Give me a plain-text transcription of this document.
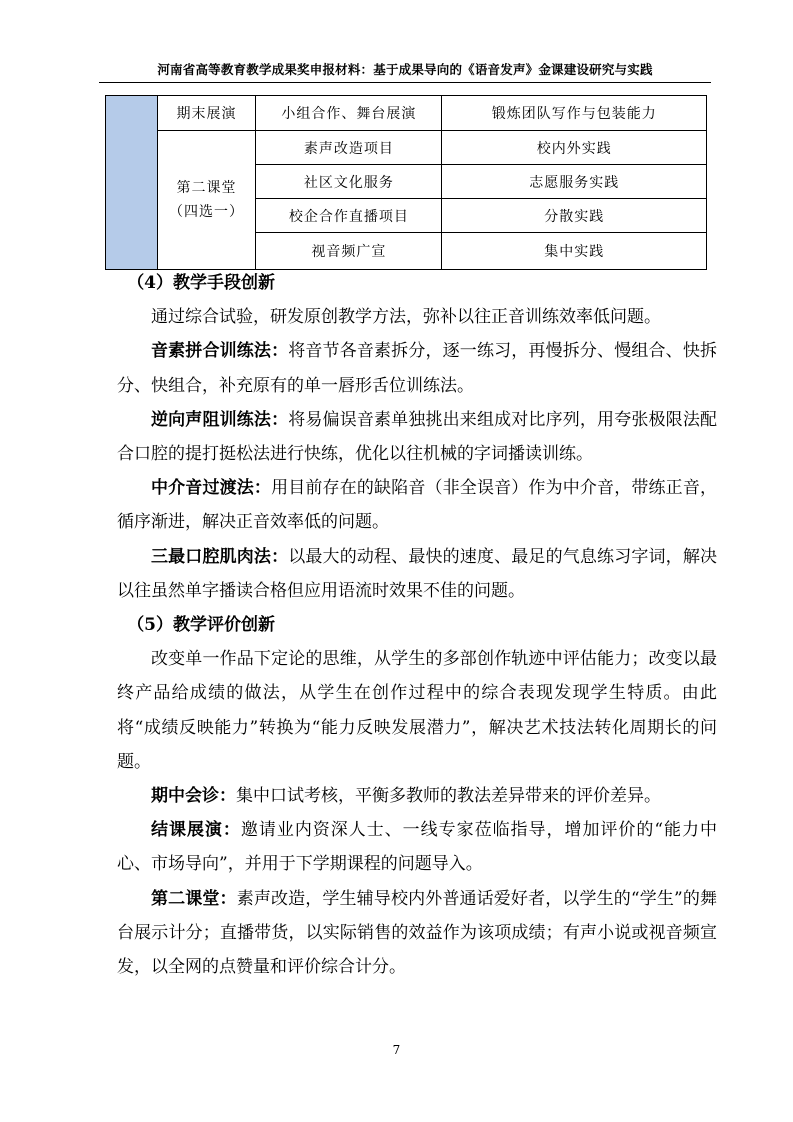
河南省高等教育教学成果奖申报材料：基于成果导向的《语音发声》金课建设研究与实践
	期末展演	小组合作、舞台展演	锻炼团队写作与包装能力
	第二课堂
（四选一）	素声改造项目	校内外实践
		社区文化服务	志愿服务实践
		校企合作直播项目	分散实践
		视音频广宣	集中实践

（4）教学手段创新

通过综合试验，研发原创教学方法，弥补以往正音训练效率低问题。

音素拼合训练法：将音节各音素拆分，逐一练习，再慢拆分、慢组合、快拆分、快组合，补充原有的单一唇形舌位训练法。

逆向声阻训练法：将易偏误音素单独挑出来组成对比序列，用夸张极限法配合口腔的提打挺松法进行快练，优化以往机械的字词播读训练。

中介音过渡法：用目前存在的缺陷音（非全误音）作为中介音，带练正音，循序渐进，解决正音效率低的问题。

三最口腔肌肉法：以最大的动程、最快的速度、最足的气息练习字词，解决以往虽然单字播读合格但应用语流时效果不佳的问题。

（5）教学评价创新

改变单一作品下定论的思维，从学生的多部创作轨迹中评估能力；改变以最终产品给成绩的做法，从学生在创作过程中的综合表现发现学生特质。由此将“成绩反映能力”转换为“能力反映发展潜力”，解决艺术技法转化周期长的问题。

期中会诊：集中口试考核，平衡多教师的教法差异带来的评价差异。

结课展演：邀请业内资深人士、一线专家莅临指导，增加评价的“能力中心、市场导向”，并用于下学期课程的问题导入。

第二课堂：素声改造，学生辅导校内外普通话爱好者，以学生的“学生”的舞台展示计分；直播带货，以实际销售的效益作为该项成绩；有声小说或视音频宣发，以全网的点赞量和评价综合计分。

7
